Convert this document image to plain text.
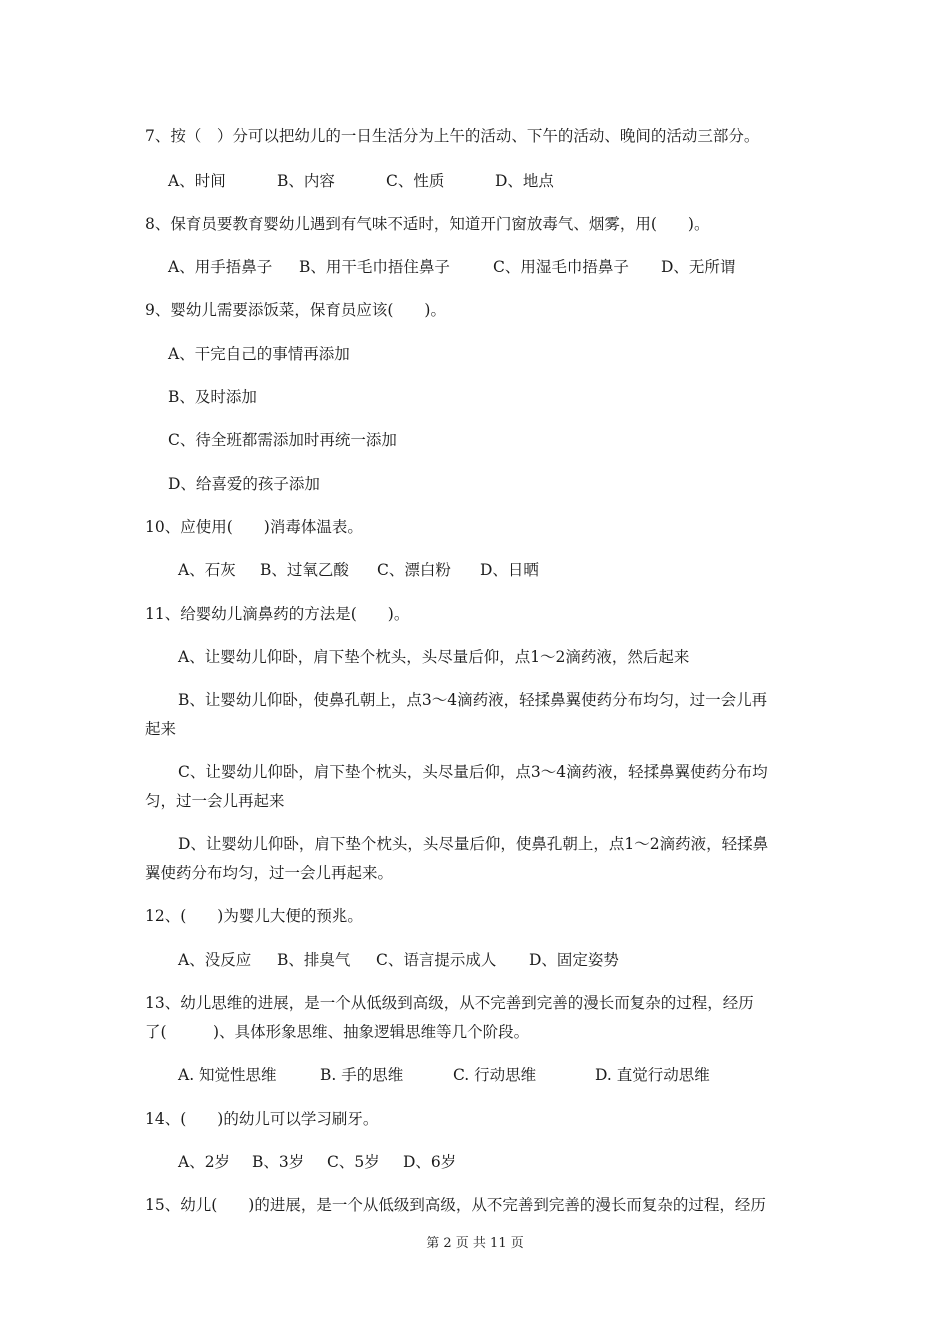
7、按（　）分可以把幼儿的一日生活分为上午的活动、下午的活动、晚间的活动三部分。
A、时间	B、内容	C、性质	D、地点
8、保育员要教育婴幼儿遇到有气味不适时，知道开门窗放毒气、烟雾，用(　　)。
A、用手捂鼻子 B、用干毛巾捂住鼻子	C、用湿毛巾捂鼻子 D、无所谓
9、婴幼儿需要添饭菜，保育员应该(　　)。
A、干完自己的事情再添加
B、及时添加
C、待全班都需添加时再统一添加
D、给喜爱的孩子添加
10、应使用(　　)消毒体温表。
A、石灰 B、过氧乙酸 C、漂白粉 D、日晒
11、给婴幼儿滴鼻药的方法是(　　)。
A、让婴幼儿仰卧，肩下垫个枕头，头尽量后仰，点1～2滴药液，然后起来
B、让婴幼儿仰卧，使鼻孔朝上，点3～4滴药液，轻揉鼻翼使药分布均匀，过一会儿再
起来
C、让婴幼儿仰卧，肩下垫个枕头，头尽量后仰，点3～4滴药液，轻揉鼻翼使药分布均
匀，过一会儿再起来
D、让婴幼儿仰卧，肩下垫个枕头，头尽量后仰，使鼻孔朝上，点1～2滴药液，轻揉鼻
翼使药分布均匀，过一会儿再起来。
12、(　　)为婴儿大便的预兆。
A、没反应 B、排臭气 C、语言提示成人 D、固定姿势
13、幼儿思维的进展，是一个从低级到高级，从不完善到完善的漫长而复杂的过程，经历
了(　　　)、具体形象思维、抽象逻辑思维等几个阶段。
A. 知觉性思维	B. 手的思维	C. 行动思维	D. 直觉行动思维
14、(　　)的幼儿可以学习刷牙。
A、2岁 B、3岁 C、5岁 D、6岁
15、幼儿(　　)的进展，是一个从低级到高级，从不完善到完善的漫长而复杂的过程，经历
第 2 页 共 11 页
